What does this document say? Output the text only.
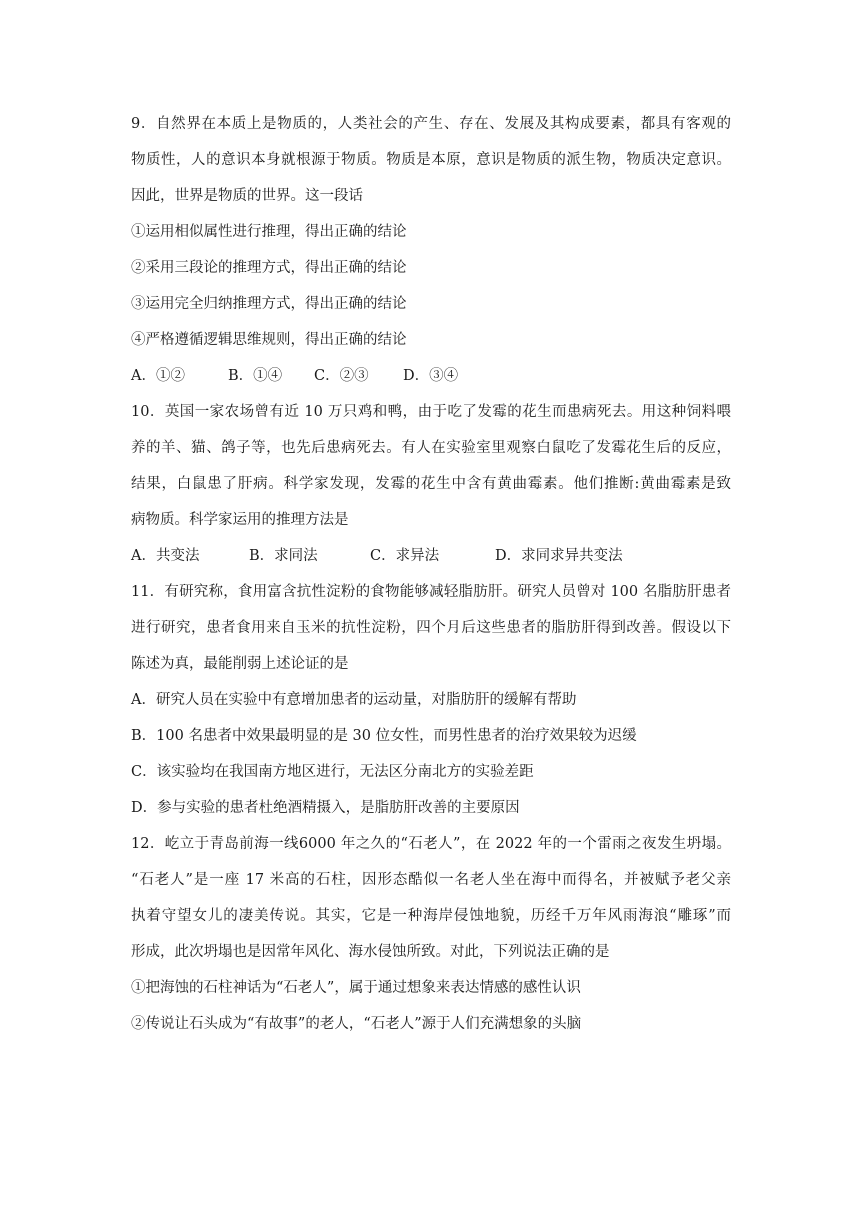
9．自然界在本质上是物质的，人类社会的产生、存在、发展及其构成要素，都具有客观的
物质性，人的意识本身就根源于物质。物质是本原，意识是物质的派生物，物质决定意识。
因此，世界是物质的世界。这一段话
①运用相似属性进行推理，得出正确的结论
②采用三段论的推理方式，得出正确的结论
③运用完全归纳推理方式，得出正确的结论
④严格遵循逻辑思维规则，得出正确的结论
A．①②	B．①④	C．②③	D．③④
10．英国一家农场曾有近 10 万只鸡和鸭，由于吃了发霉的花生而患病死去。用这种饲料喂
养的羊、猫、鸽子等，也先后患病死去。有人在实验室里观察白鼠吃了发霉花生后的反应，
结果，白鼠患了肝病。科学家发现，发霉的花生中含有黄曲霉素。他们推断:黄曲霉素是致
病物质。科学家运用的推理方法是
A．共变法	B．求同法	C．求异法	D．求同求异共变法
11．有研究称，食用富含抗性淀粉的食物能够减轻脂肪肝。研究人员曾对 100 名脂肪肝患者
进行研究，患者食用来自玉米的抗性淀粉，四个月后这些患者的脂肪肝得到改善。假设以下
陈述为真，最能削弱上述论证的是
A．研究人员在实验中有意增加患者的运动量，对脂肪肝的缓解有帮助
B．100 名患者中效果最明显的是 30 位女性，而男性患者的治疗效果较为迟缓
C．该实验均在我国南方地区进行，无法区分南北方的实验差距
D．参与实验的患者杜绝酒精摄入，是脂肪肝改善的主要原因
12．屹立于青岛前海一线6000 年之久的“石老人”，在 2022 年的一个雷雨之夜发生坍塌。
“石老人”是一座 17 米高的石柱，因形态酷似一名老人坐在海中而得名，并被赋予老父亲
执着守望女儿的凄美传说。其实，它是一种海岸侵蚀地貌，历经千万年风雨海浪“雕琢”而
形成，此次坍塌也是因常年风化、海水侵蚀所致。对此，下列说法正确的是
①把海蚀的石柱神话为“石老人”，属于通过想象来表达情感的感性认识
②传说让石头成为“有故事”的老人，“石老人”源于人们充满想象的头脑
